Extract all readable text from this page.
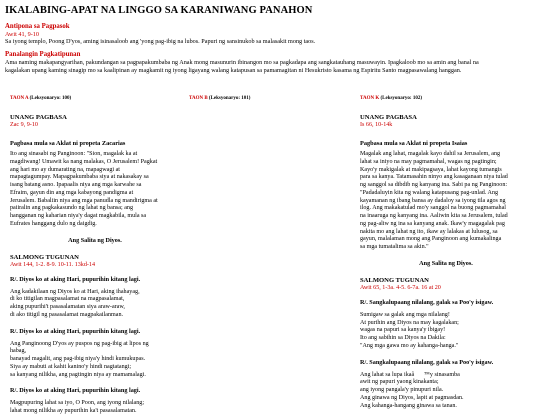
IKALABING-APAT NA LINGGO SA KARANIWANG PANAHON
Antipona sa Pagpasok
Awit 41, 9-10
Sa iyong templo, Poong D'yos, aming isinasaloob ang 'yong pag-ibig na lubos. Papuri ng sansinukob sa malasakit mong taos.
Panalangin Pagkatipunan
Ama naming makapangyarihan, pakundangan sa pagpapakumbaba ng Anak mong masunurin ibinangon mo sa pagkadapa ang sangkatauhang masuwayin. Ipagkaloob mo sa amin ang banal na
kagalakan upang kaming sinagip mo sa kaalipinan ay magkamit ng iyong ligayang walang katapusan sa pamamagitan ni Hesukristo kasama ng Espiritu Santo magpasawalang hanggan.
TAON A (Leksyonaryo: 100)
UNANG PAGBASA
Zac 9, 9-10
Pagbasa mula sa Aklat ni propeta Zacarias
Ito ang sinasabi ng Panginoon: "Sion, magalak ka at
magdiwang! Umawit ka nang malakas, O Jerusalem! Pagkat
ang hari mo ay dumarating na, mapagwagi at
mapagtagumpay. Mapagpakumbaba siya at nakasakay sa
isang batang asno. Ipapaalis niya ang mga karwahe sa
Efraim, gayun din ang mga kabayong pandigma at
Jerusalem. Babaliin niya ang mga panudla ng mandirigma at
paiiralin ang pagkakasundo ng lahat ng bansa; ang
hangganan ng kaharian niya'y dagat magkabila, mula sa
Eufrates hanggang dulo ng daigdig.
Ang Salita ng Diyos.
SALMONG TUGUNAN
Awit 144, 1-2. 8-9. 10-11. 13kd-14
R/. Diyos ko at aking Hari, pupurihin kitang lagi.
Ang kadakilaan ng Diyos ko at Hari, aking ihahayag,
di ko titigilan magpasalamat na magpasalamat,
aking pupurihi't pasasalamatan siya araw-araw,
di ako titigil ng pasasalamat magpakailanman.
R/. Diyos ko at aking Hari, pupurihin kitang lagi.
Ang Panginoong D'yos ay puspos ng pag-ibig at lipos ng
habag,
banayad magalit, ang pag-ibig niya'y hindi kumukupas.
Siya ay mabuti at kahit kanino'y hindi nagtatangi;
sa kanyang nilikha, ang pagtingin niya ay mamamalagi.
R/. Diyos ko at aking Hari, pupurihin kitang lagi.
Magpupuring lahat sa iyo, O Poon, ang iyong nilalang;
lahat mong nilikha ay pupurihin ka't pasasalamatan.
TAON B (Leksyonaryo: 101)	TAON K (Leksyonaryo: 102)
UNANG PAGBASA
Is 66, 10-14k
Pagbasa mula sa Aklat ni propeta Isaias
Magalak ang lahat, magalak kayo dahil sa Jerusalem, ang
lahat sa iniyo na may pagmamahal, wagas ng pagtingin;
Kayo'y makigalak at makipagsaya, lahat kayong tumangis
para sa kanya. Tatamasahin ninyo ang kasaganaan niya tulad
ng sanggol sa dibdib ng kanyang ina. Sabi pa ng Panginoon:
"Padadaluyin kita ng walang katapusang pag-unlad. Ang
kayamanan ng ibang bansa ay dadaloy sa iyong tila agos ng
ilog. Ang makakatulad mo'y sanggol na buong pagmamahal
na inaaruga ng kanyang ina. Aaliwin kita sa Jerusalem, tulad
ng pag-aliw ng ina sa kanyang anak. Ikaw'y magagalak pag
nakita mo ang lahat ng ito, ikaw ay lalakas at lulusog, sa
gayun, malalaman mong ang Panginoon ang kumakalinga
sa mga tumatalima sa akin."
Ang Salita ng Diyos.
SALMONG TUGUNAN
Awit 65, 1-3a. 4-5. 6-7a. 16 at 20
R/. Sangkalupaang nilalang, galak sa Poo'y isigaw.
Sumigaw sa galak ang mga nilalang!
At purihin ang Diyos na may kagalakan;
wagas na papuri sa kanya'y ibigay!
Ito ang sabihin sa Diyos na Dakila:
"Ang mga gawa mo ay kahanga-hanga."
R/. Sangkalupaang nilalang, galak sa Poo'y isigaw.
Ang lahat sa lupa ikaâ™y sinasamba
awit ng papuri yaong kinakanta;
ang iyong pangala'y pinupuri nila.
Ang ginawa ng Diyos, lapit at pagmasdan.
Ang kahanga-hangang ginawa sa tanan.
